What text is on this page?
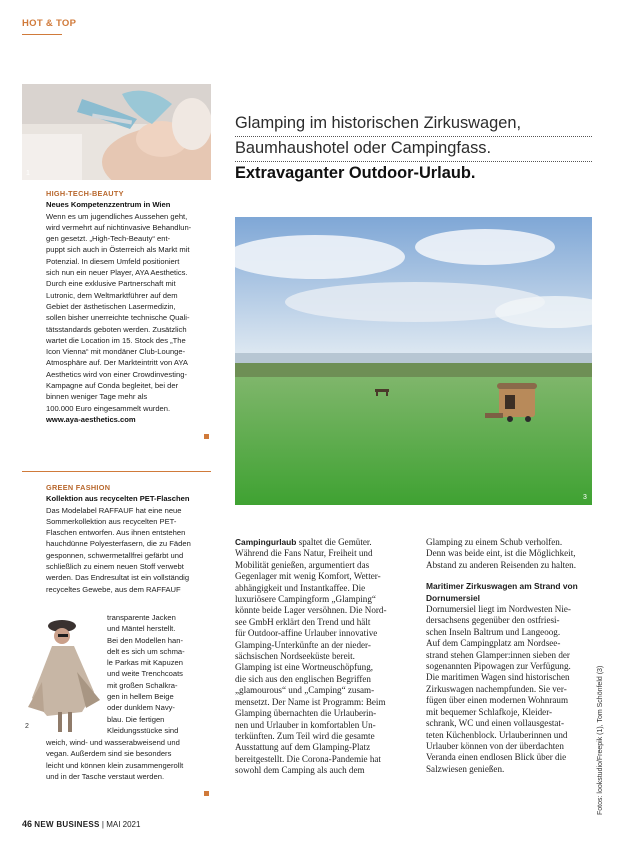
HOT & TOP
1
HIGH-TECH-BEAUTY
Neues Kompetenzzentrum in Wien
Wenn es um jugendliches Aussehen geht,
wird vermehrt auf nichtinvasive Behandlun-
gen gesetzt. „High-Tech-Beauty“ ent-
puppt sich auch in Österreich als Markt mit
Potenzial. In diesem Umfeld positioniert
sich nun ein neuer Player, AYA Aesthetics.
Durch eine exklusive Partnerschaft mit
Lutronic, dem Weltmarktführer auf dem
Gebiet der ästhetischen Lasermedizin,
sollen bisher unerreichte technische Quali-
tätsstandards geboten werden. Zusätzlich
wartet die Location im 15. Stock des „The
Icon Vienna“ mit mondäner Club-Lounge-
Atmosphäre auf. Der Markteintritt von AYA
Aesthetics wird von einer Crowdinvesting-
Kampagne auf Conda begleitet, bei der
binnen weniger Tage mehr als
100.000 Euro eingesammelt wurden.
www.aya-aesthetics.com
GREEN FASHION
Kollektion aus recycelten PET-Flaschen
Das Modelabel RAFFAUF hat eine neue
Sommerkollektion aus recycelten PET-
Flaschen entworfen. Aus ihnen entstehen
hauchdünne Polyesterfasern, die zu Fäden
gesponnen, schwermetallfrei gefärbt und
schließlich zu einem neuen Stoff verwebt
werden. Das Endresultat ist ein vollständig
recyceltes Gewebe, aus dem RAFFAUF
transparente Jacken
und Mäntel herstellt.
Bei den Modellen han-
delt es sich um schma-
le Parkas mit Kapuzen
und weite Trenchcoats
mit großen Schalkra-
gen in hellem Beige
oder dunklem Navy-
blau. Die fertigen
Kleidungsstücke sind
weich, wind- und wasserabweisend und
vegan. Außerdem sind sie besonders
leicht und können klein zusammengerollt
und in der Tasche verstaut werden.
2
Glamping im historischen Zirkuswagen,
Baumhaushotel oder Campingfass.
Extravaganter Outdoor-Urlaub.
3
Campingurlaub spaltet die Gemüter.
Während die Fans Natur, Freiheit und
Mobilität genießen, argumentiert das
Gegenlager mit wenig Komfort, Wetter-
abhängigkeit und Instantkaffee. Die
luxuriösere Campingform „Glamping“
könnte beide Lager versöhnen. Die Nord-
see GmbH erklärt den Trend und hält
für Outdoor-affine Urlauber innovative
Glamping-Unterkünfte an der nieder-
sächsischen Nordseeküste bereit.
Glamping ist eine Wortneuschöpfung,
die sich aus den englischen Begriffen
„glamourous“ und „Camping“ zusam-
mensetzt. Der Name ist Programm: Beim
Glamping übernachten die Urlauberin-
nen und Urlauber in komfortablen Un-
terkünften. Zum Teil wird die gesamte
Ausstattung auf dem Glamping-Platz
bereitgestellt. Die Corona-Pandemie hat
sowohl dem Camping als auch dem
Glamping zu einem Schub verholfen.
Denn was beide eint, ist die Möglichkeit,
Abstand zu anderen Reisenden zu halten.
Maritimer Zirkuswagen am Strand von
Dornumersiel
Dornumersiel liegt im Nordwesten Nie-
dersachsens gegenüber den ostfriesi-
schen Inseln Baltrum und Langeoog.
Auf dem Campingplatz am Nordsee-
strand stehen Glamper:innen sieben der
sogenannten Pipowagen zur Verfügung.
Die maritimen Wagen sind historischen
Zirkuswagen nachempfunden. Sie ver-
fügen über einen modernen Wohnraum
mit bequemer Schlafkoje, Kleider-
schrank, WC und einen vollausgestat-
teten Küchenblock. Urlauberinnen und
Urlauber können von der überdachten
Veranda einen endlosen Blick über die
Salzwiesen genießen.	Fotos: lookstudio/Freepik (1), Tom Schönfeld (3)
46 NEW BUSINESS | MAI 2021
